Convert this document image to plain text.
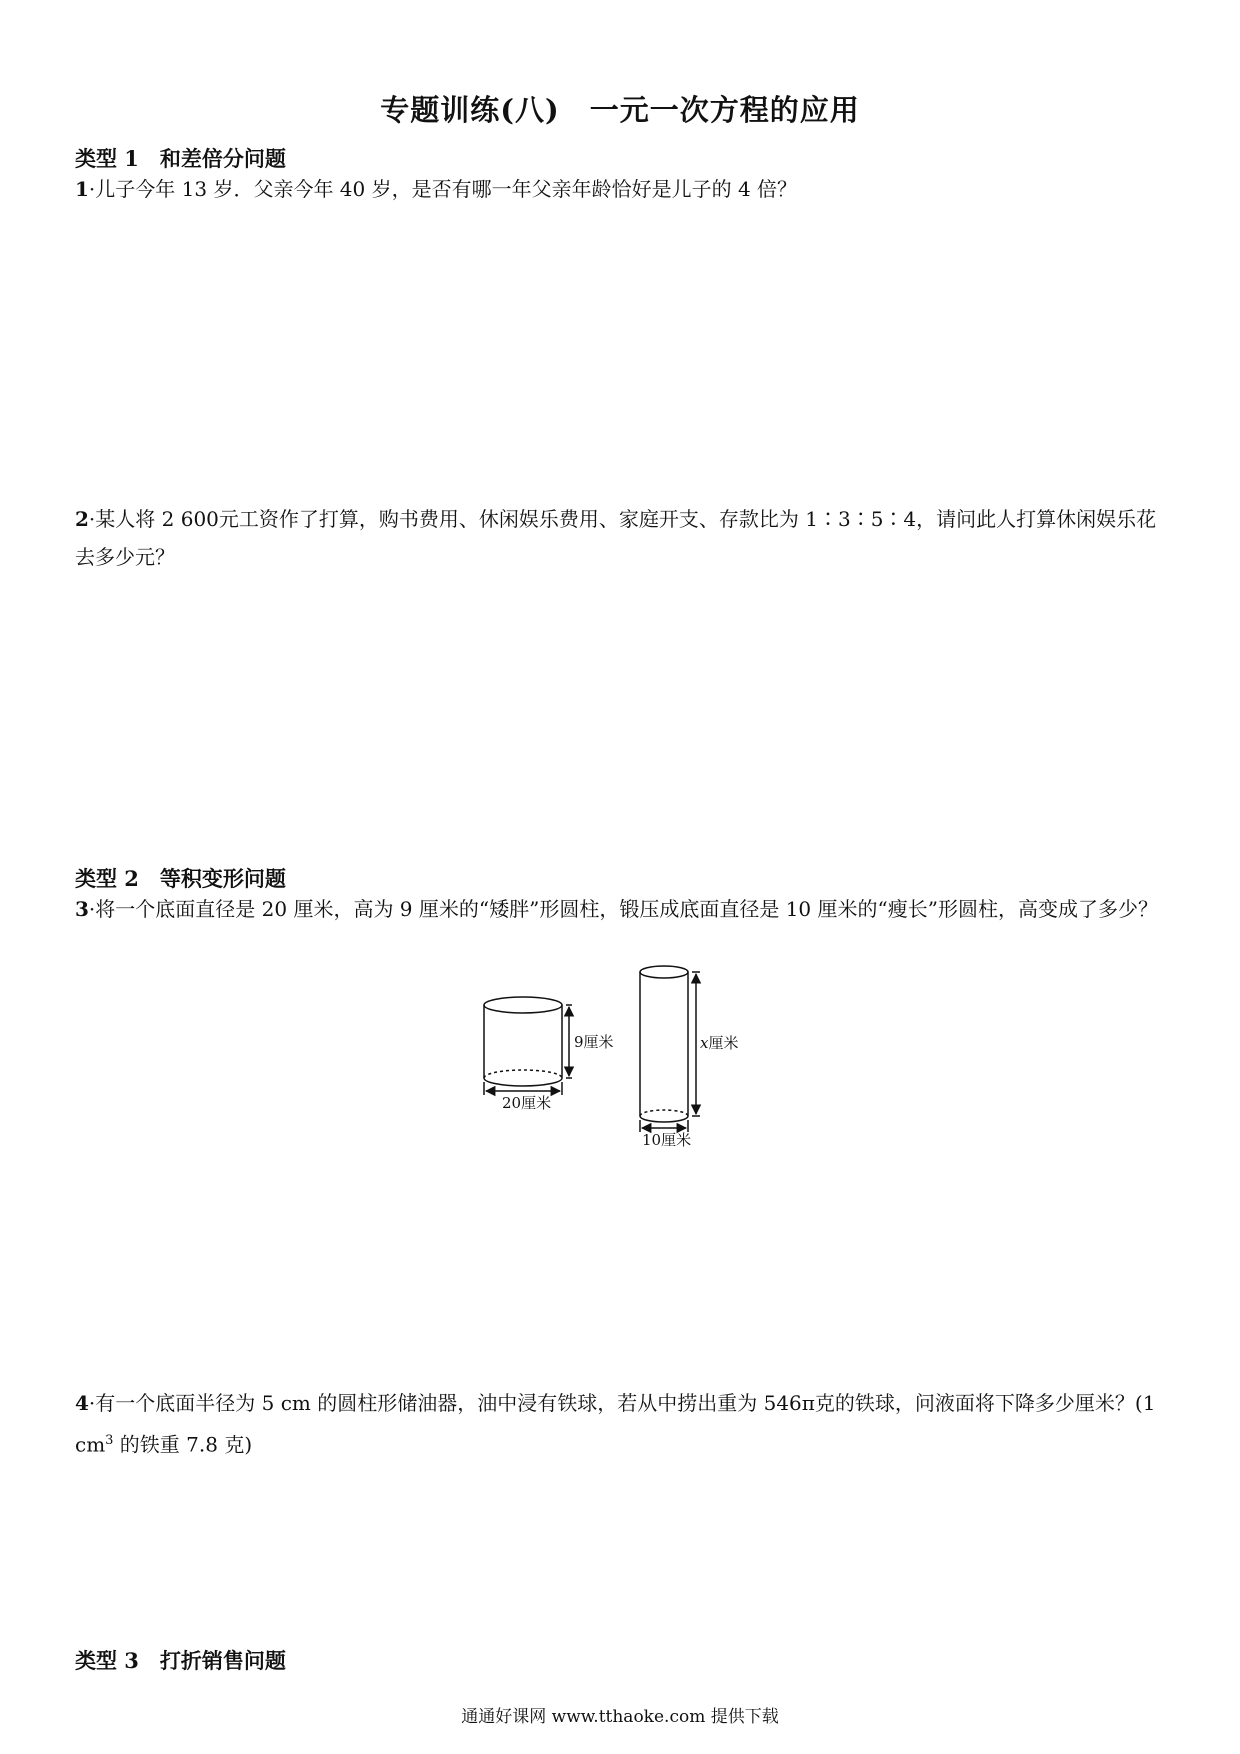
专题训练(八)　一元一次方程的应用
类型 1　和差倍分问题
1·儿子今年 13 岁．父亲今年 40 岁，是否有哪一年父亲年龄恰好是儿子的 4 倍？
2·某人将 2 600元工资作了打算，购书费用、休闲娱乐费用、家庭开支、存款比为 1∶3∶5∶4，请问此人打算休闲娱乐花去多少元？
类型 2　等积变形问题
3·将一个底面直径是 20 厘米，高为 9 厘米的“矮胖”形圆柱，锻压成底面直径是 10 厘米的“瘦长”形圆柱，高变成了多少？
20厘米
9厘米
10厘米
x厘米
4·有一个底面半径为 5 cm 的圆柱形储油器，油中浸有铁球，若从中捞出重为 546π克的铁球，问液面将下降多少厘米？(1 $cm^3$ 的铁重 7.8 克)
类型 3　打折销售问题
通通好课网 www.tthaoke.com 提供下载
